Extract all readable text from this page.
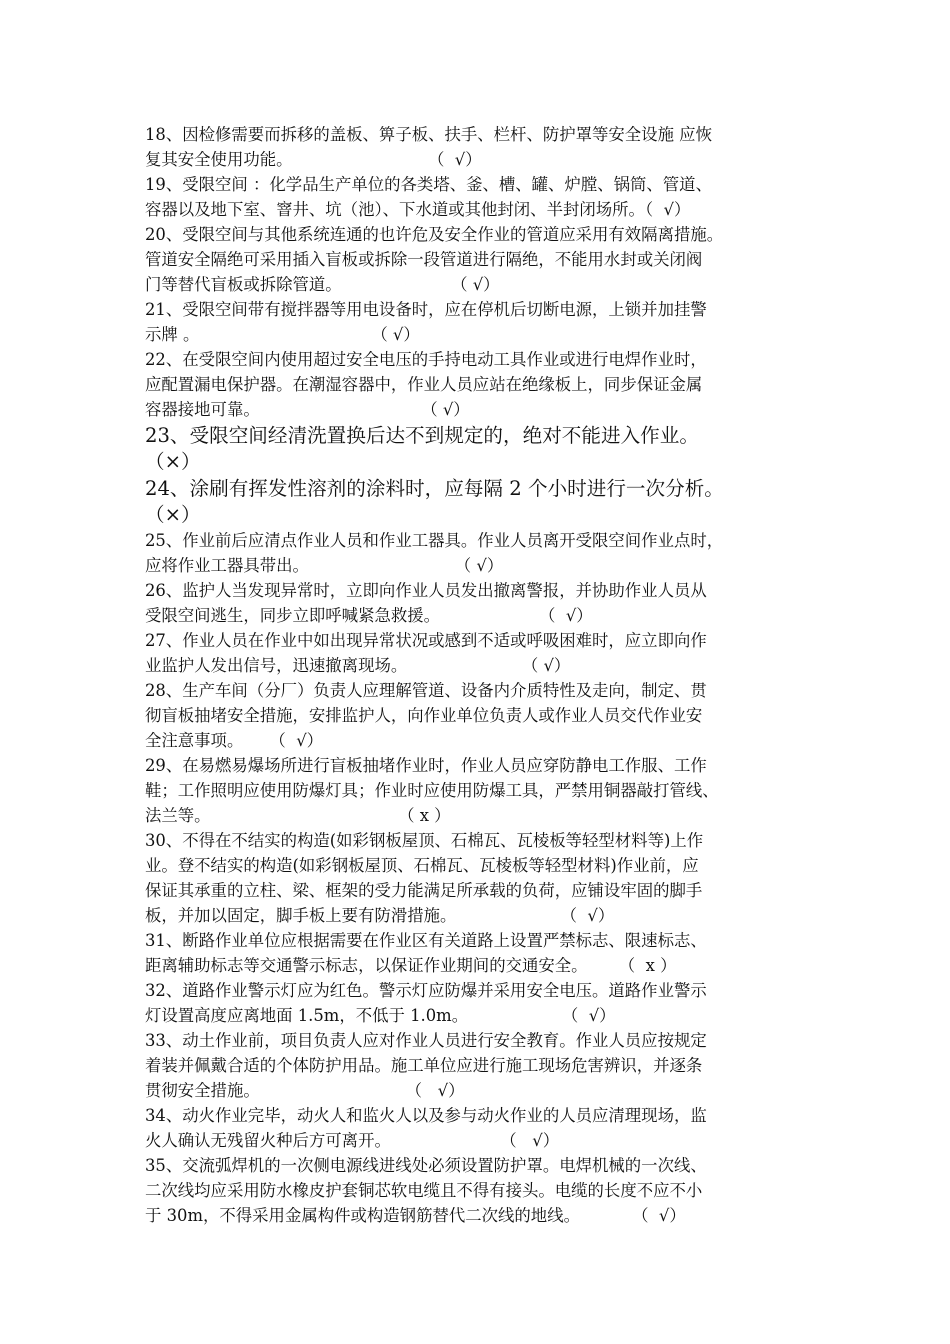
18、因检修需要而拆移的盖板、箅子板、扶手、栏杆、防护罩等安全设施 应恢
复其安全使用功能。                          （  √）
19、受限空间 ：化学品生产单位的各类塔、釜、槽、罐、炉膛、锅筒、管道、
容器以及地下室、窨井、坑（池）、下水道或其他封闭、半封闭场所。（  √）
20、受限空间与其他系统连通的也许危及安全作业的管道应采用有效隔离措施。
管道安全隔绝可采用插入盲板或拆除一段管道进行隔绝，不能用水封或关闭阀
门等替代盲板或拆除管道。                     （ √）
21、受限空间带有搅拌器等用电设备时，应在停机后切断电源，上锁并加挂警
示牌 。                                 （ √）
22、在受限空间内使用超过安全电压的手持电动工具作业或进行电焊作业时，
应配置漏电保护器。在潮湿容器中，作业人员应站在绝缘板上，同步保证金属
容器接地可靠。                               （ √）
23、受限空间经清洗置换后达不到规定的，绝对不能进入作业。
（×）
24、涂刷有挥发性溶剂的涂料时，应每隔 2 个小时进行一次分析。
（×）
25、作业前后应清点作业人员和作业工器具。作业人员离开受限空间作业点时，
应将作业工器具带出。                            （ √）
26、监护人当发现异常时，立即向作业人员发出撤离警报，并协助作业人员从
受限空间逃生，同步立即呼喊紧急救援。                   （  √）
27、作业人员在作业中如出现异常状况或感到不适或呼吸困难时，应立即向作
业监护人发出信号，迅速撤离现场。                      （ √）
28、生产车间（分厂）负责人应理解管道、设备内介质特性及走向，制定、贯
彻盲板抽堵安全措施，安排监护人，向作业单位负责人或作业人员交代作业安
全注意事项。     （  √）
29、在易燃易爆场所进行盲板抽堵作业时，作业人员应穿防静电工作服、工作
鞋；工作照明应使用防爆灯具；作业时应使用防爆工具，严禁用铜器敲打管线、
法兰等。                                    （ x ）
30、不得在不结实的构造(如彩钢板屋顶、石棉瓦、瓦棱板等轻型材料等)上作
业。登不结实的构造(如彩钢板屋顶、石棉瓦、瓦棱板等轻型材料)作业前，应
保证其承重的立柱、梁、框架的受力能满足所承载的负荷，应铺设牢固的脚手
板，并加以固定，脚手板上要有防滑措施。                    （  √）
31、断路作业单位应根据需要在作业区有关道路上设置严禁标志、限速标志、
距离辅助标志等交通警示标志，以保证作业期间的交通安全。      （  x ）
32、道路作业警示灯应为红色。警示灯应防爆并采用安全电压。道路作业警示
灯设置高度应离地面 1.5m，不低于 1.0m。                  （  √）
33、动土作业前，项目负责人应对作业人员进行安全教育。作业人员应按规定
着装并佩戴合适的个体防护用品。施工单位应进行施工现场危害辨识，并逐条
贯彻安全措施。                            （   √）
34、动火作业完毕，动火人和监火人以及参与动火作业的人员应清理现场，监
火人确认无残留火种后方可离开。                     （   √）
35、交流弧焊机的一次侧电源线进线处必须设置防护罩。电焊机械的一次线、
二次线均应采用防水橡皮护套铜芯软电缆且不得有接头。电缆的长度不应不小
于 30m，不得采用金属构件或构造钢筋替代二次线的地线。          （  √）
